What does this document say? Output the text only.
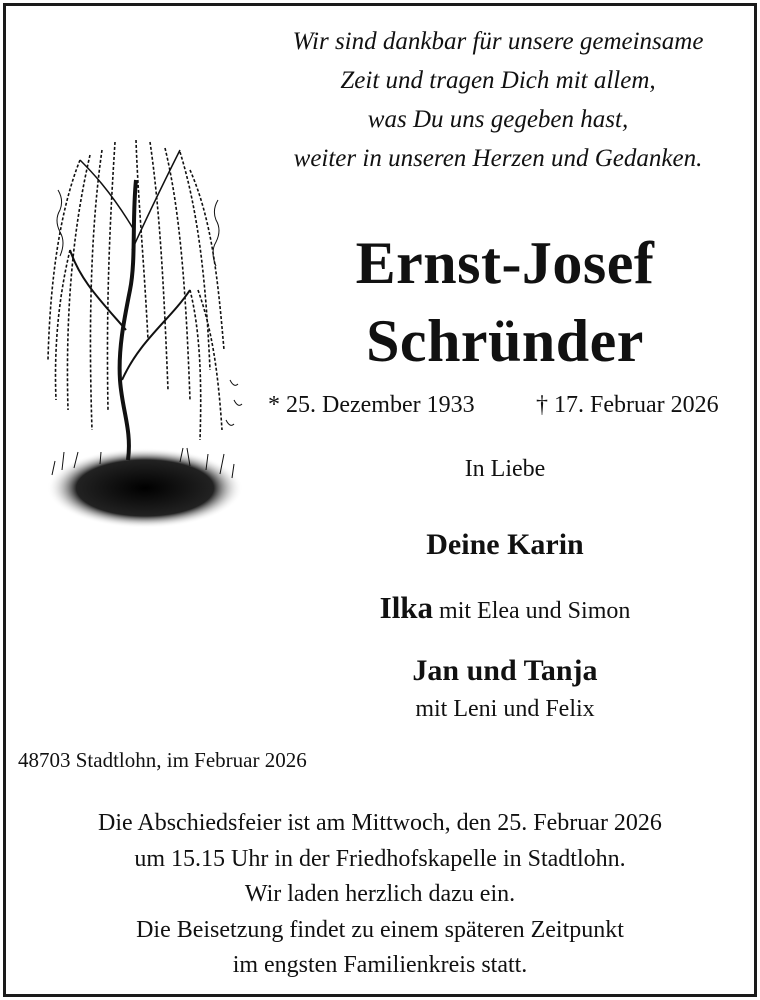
Wir sind dankbar für unsere gemeinsame
Zeit und tragen Dich mit allem,
was Du uns gegeben hast,
weiter in unseren Herzen und Gedanken.
Ernst-Josef
Schründer
* 25. Dezember 1933	† 17. Februar 2026
In Liebe
Deine Karin
Ilka mit Elea und Simon
Jan und Tanja
mit Leni und Felix
48703 Stadtlohn, im Februar 2026
Die Abschiedsfeier ist am Mittwoch, den 25. Februar 2026
um 15.15 Uhr in der Friedhofskapelle in Stadtlohn.
Wir laden herzlich dazu ein.
Die Beisetzung findet zu einem späteren Zeitpunkt
im engsten Familienkreis statt.
